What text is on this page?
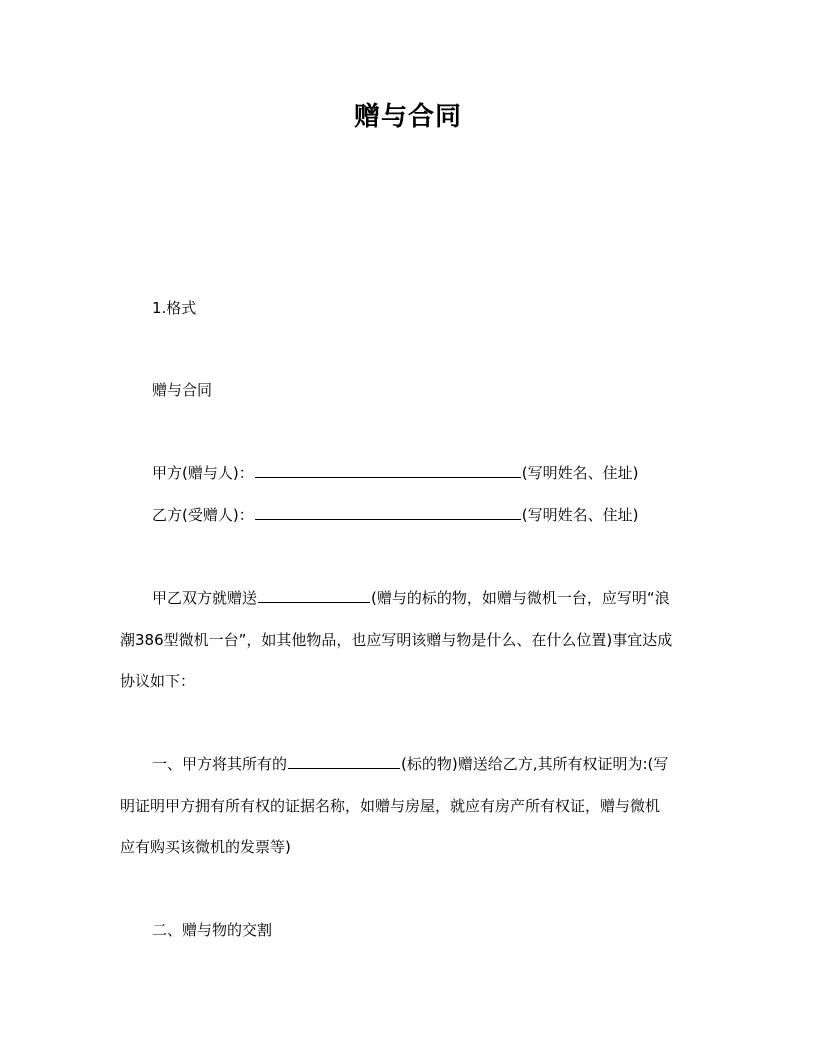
赠与合同
1.格式
赠与合同
甲方(赠与人)：	(写明姓名、住址)
乙方(受赠人)：	(写明姓名、住址)
甲乙双方就赠送	(赠与的标的物，如赠与微机一台，应写明“浪
潮386型微机一台”，如其他物品，也应写明该赠与物是什么、在什么位置)事宜达成
协议如下：
一、甲方将其所有的	(标的物)赠送给乙方,其所有权证明为:(写
明证明甲方拥有所有权的证据名称，如赠与房屋，就应有房产所有权证，赠与微机
应有购买该微机的发票等)
二、赠与物的交割
